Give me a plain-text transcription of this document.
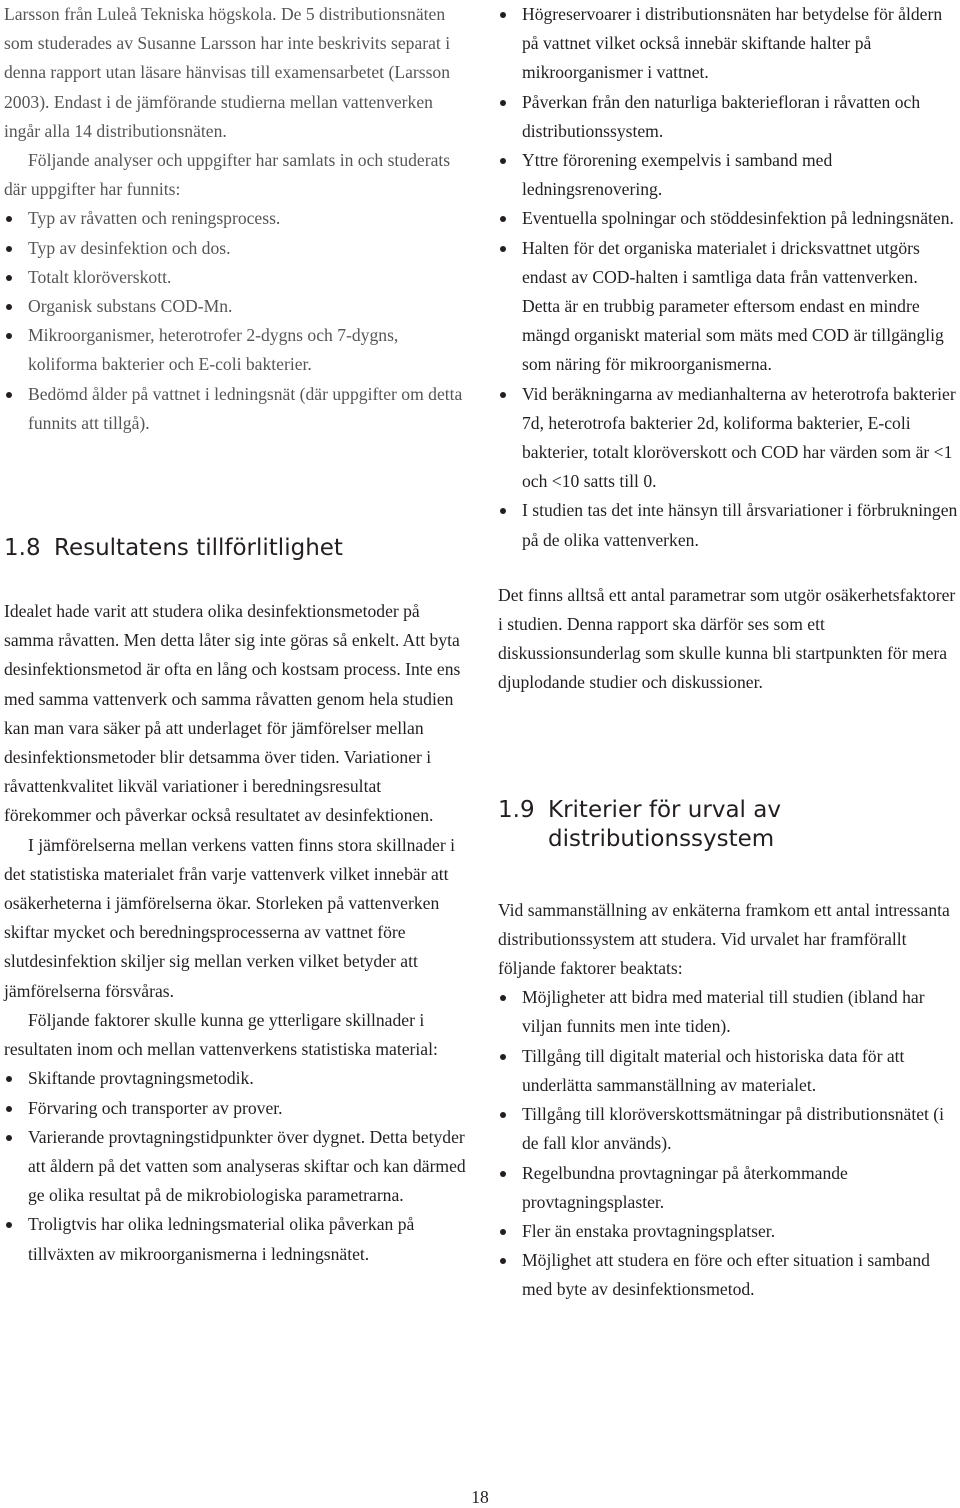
Larsson från Luleå Tekniska högskola. De 5 distributionsnäten som studerades av Susanne Larsson har inte beskrivits separat i denna rapport utan läsare hänvisas till examensarbetet (Larsson 2003). Endast i de jämförande studierna mellan vattenverken ingår alla 14 distributionsnäten.

Följande analyser och uppgifter har samlats in och studerats där uppgifter har funnits:

Typ av råvatten och reningsprocess.
Typ av desinfektion och dos.
Totalt kloröverskott.
Organisk substans COD-Mn.
Mikroorganismer, heterotrofer 2-dygns och 7-dygns, koliforma bakterier och E-coli bakterier.
Bedömd ålder på vattnet i ledningsnät (där uppgifter om detta funnits att tillgå).
1.8 Resultatens tillförlitlighet

Idealet hade varit att studera olika desinfektionsmetoder på samma råvatten. Men detta låter sig inte göras så enkelt. Att byta desinfektionsmetod är ofta en lång och kostsam process. Inte ens med samma vattenverk och samma råvatten genom hela studien kan man vara säker på att underlaget för jämförelser mellan desinfektionsmetoder blir detsamma över tiden. Variationer i råvattenkvalitet likväl variationer i beredningsresultat förekommer och påverkar också resultatet av desinfektionen.

I jämförelserna mellan verkens vatten finns stora skillnader i det statistiska materialet från varje vattenverk vilket innebär att osäkerheterna i jämförelserna ökar. Storleken på vattenverken skiftar mycket och beredningsprocesserna av vattnet före slutdesinfektion skiljer sig mellan verken vilket betyder att jämförelserna försvåras.

Följande faktorer skulle kunna ge ytterligare skillnader i resultaten inom och mellan vattenverkens statistiska material:

Skiftande provtagningsmetodik.
Förvaring och transporter av prover.
Varierande provtagningstidpunkter över dygnet. Detta betyder att åldern på det vatten som analyseras skiftar och kan därmed ge olika resultat på de mikrobiologiska parametrarna.
Troligtvis har olika ledningsmaterial olika påverkan på tillväxten av mikroorganismerna i ledningsnätet.
Högreservoarer i distributionsnäten har betydelse för åldern på vattnet vilket också innebär skiftande halter på mikroorganismer i vattnet.
Påverkan från den naturliga bakteriefloran i råvatten och distributionssystem.
Yttre förorening exempelvis i samband med ledningsrenovering.
Eventuella spolningar och stöddesinfektion på ledningsnäten.
Halten för det organiska materialet i dricksvattnet utgörs endast av COD-halten i samtliga data från vattenverken. Detta är en trubbig parameter eftersom endast en mindre mängd organiskt material som mäts med COD är tillgänglig som näring för mikroorganismerna.
Vid beräkningarna av medianhalterna av heterotrofa bakterier 7d, heterotrofa bakterier 2d, koliforma bakterier, E-coli bakterier, totalt kloröverskott och COD har värden som är <1 och <10 satts till 0.
I studien tas det inte hänsyn till årsvariationer i förbrukningen på de olika vattenverken.

Det finns alltså ett antal parametrar som utgör osäkerhetsfaktorer i studien. Denna rapport ska därför ses som ett diskussionsunderlag som skulle kunna bli startpunkten för mera djuplodande studier och diskussioner.

1.9 Kriterier för urval av
distributionssystem

Vid sammanställning av enkäterna framkom ett antal intressanta distributionssystem att studera. Vid urvalet har framförallt följande faktorer beaktats:

Möjligheter att bidra med material till studien (ibland har viljan funnits men inte tiden).
Tillgång till digitalt material och historiska data för att underlätta sammanställning av materialet.
Tillgång till kloröverskottsmätningar på distributionsnätet (i de fall klor används).
Regelbundna provtagningar på återkommande provtagningsplaster.
Fler än enstaka provtagningsplatser.
Möjlighet att studera en före och efter situation i samband med byte av desinfektionsmetod.
18
